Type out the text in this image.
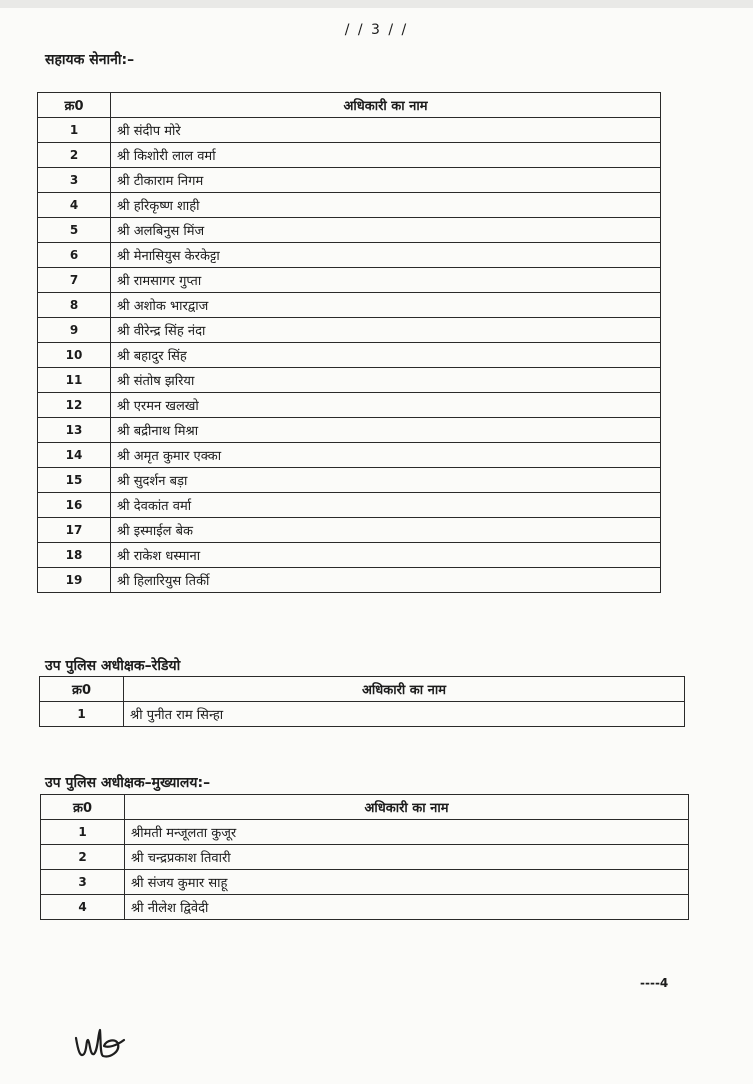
/ / 3 / /
सहायक सेनानी:–
क्र0	अधिकारी का नाम
1	श्री संदीप मोरे
2	श्री किशोरी लाल वर्मा
3	श्री टीकाराम निगम
4	श्री हरिकृष्ण शाही
5	श्री अलबिनुस मिंज
6	श्री मेनासियुस केरकेट्टा
7	श्री रामसागर गुप्ता
8	श्री अशोक भारद्वाज
9	श्री वीरेन्द्र सिंह नंदा
10	श्री बहादुर सिंह
11	श्री संतोष झरिया
12	श्री एरमन खलखो
13	श्री बद्रीनाथ मिश्रा
14	श्री अमृत कुमार एक्का
15	श्री सुदर्शन बड़ा
16	श्री देवकांत वर्मा
17	श्री इस्माईल बेक
18	श्री राकेश धस्माना
19	श्री हिलारियुस तिर्की
उप पुलिस अधीक्षक–रेडियो
क्र0	अधिकारी का नाम
1	श्री पुनीत राम सिन्हा
उप पुलिस अधीक्षक–मुख्यालय:–
क्र0	अधिकारी का नाम
1	श्रीमती मन्जूलता कुजूर
2	श्री चन्द्रप्रकाश तिवारी
3	श्री संजय कुमार साहू
4	श्री नीलेश द्विवेदी
----4
